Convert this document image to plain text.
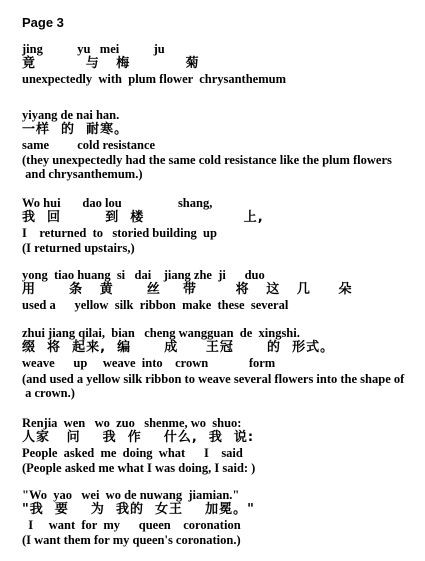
Page 3
jing           yu   mei           ju
竟         与   梅          菊
unexpectedly  with  plum flower  chrysanthemum
yiyang de nai han.
一样  的  耐寒。
same         cold resistance
(they unexpectedly had the same cold resistance like the plum flowers
and chrysanthemum.)
Wo hui       dao lou                  shang,
我  回        到  楼                  上,
I    returned  to   storied building  up
(I returned upstairs,)
yong  tiao huang  si   dai    jiang zhe  ji      duo
用      条   黄      丝    带       将   这   几     朵
used a      yellow  silk  ribbon  make  these  several
zhui jiang qilai,  bian   cheng wangguan  de  xingshi.
缀  将  起来,  编      成     王冠      的  形式。
weave      up     weave  into    crown             form
(and used a yellow silk ribbon to weave several flowers into the shape of
a crown.)
Renjia  wen   wo  zuo   shenme, wo  shuo:
人家   问    我  作    什么,  我  说:
People  asked  me  doing  what      I    said
(People asked me what I was doing, I said: )
"Wo  yao   wei  wo de nuwang  jiamian."
"我  要    为  我的  女王    加冕。"
I     want  for  my      queen    coronation
(I want them for my queen's coronation.)
